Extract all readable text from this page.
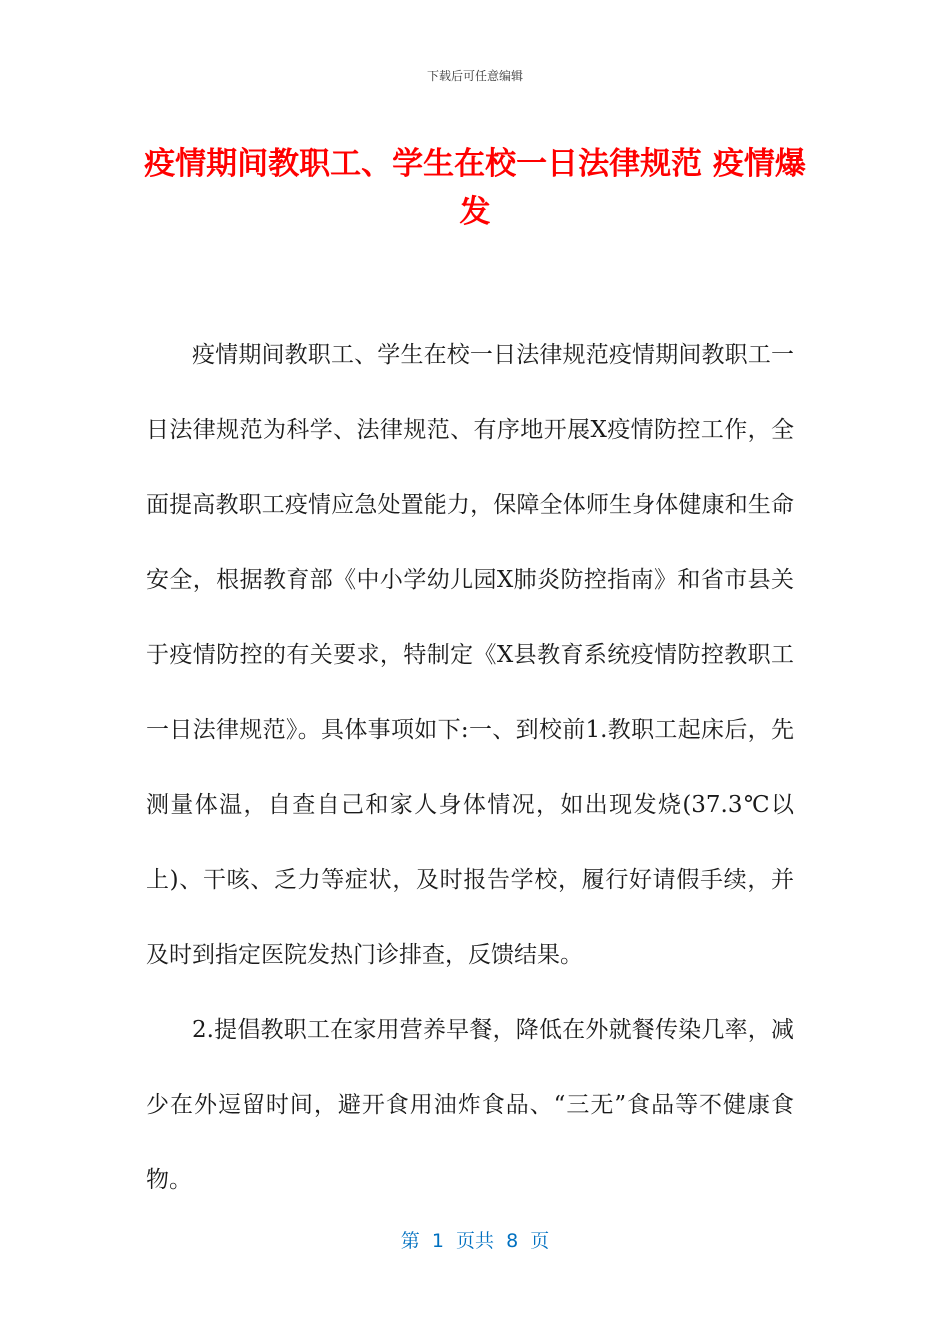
下载后可任意编辑
疫情期间教职工、学生在校一日法律规范 疫情爆发

疫情期间教职工、学生在校一日法律规范疫情期间教职工一日法律规范为科学、法律规范、有序地开展X疫情防控工作，全面提高教职工疫情应急处置能力，保障全体师生身体健康和生命安全，根据教育部《中小学幼儿园X肺炎防控指南》和省市县关于疫情防控的有关要求，特制定《X县教育系统疫情防控教职工一日法律规范》。具体事项如下:一、到校前1.教职工起床后，先测量体温，自查自己和家人身体情况，如出现发烧(37.3℃以上)、干咳、乏力等症状，及时报告学校，履行好请假手续，并及时到指定医院发热门诊排查，反馈结果。

2.提倡教职工在家用营养早餐，降低在外就餐传染几率，减少在外逗留时间，避开食用油炸食品、“三无”食品等不健康食物。

第  1  页共  8  页
